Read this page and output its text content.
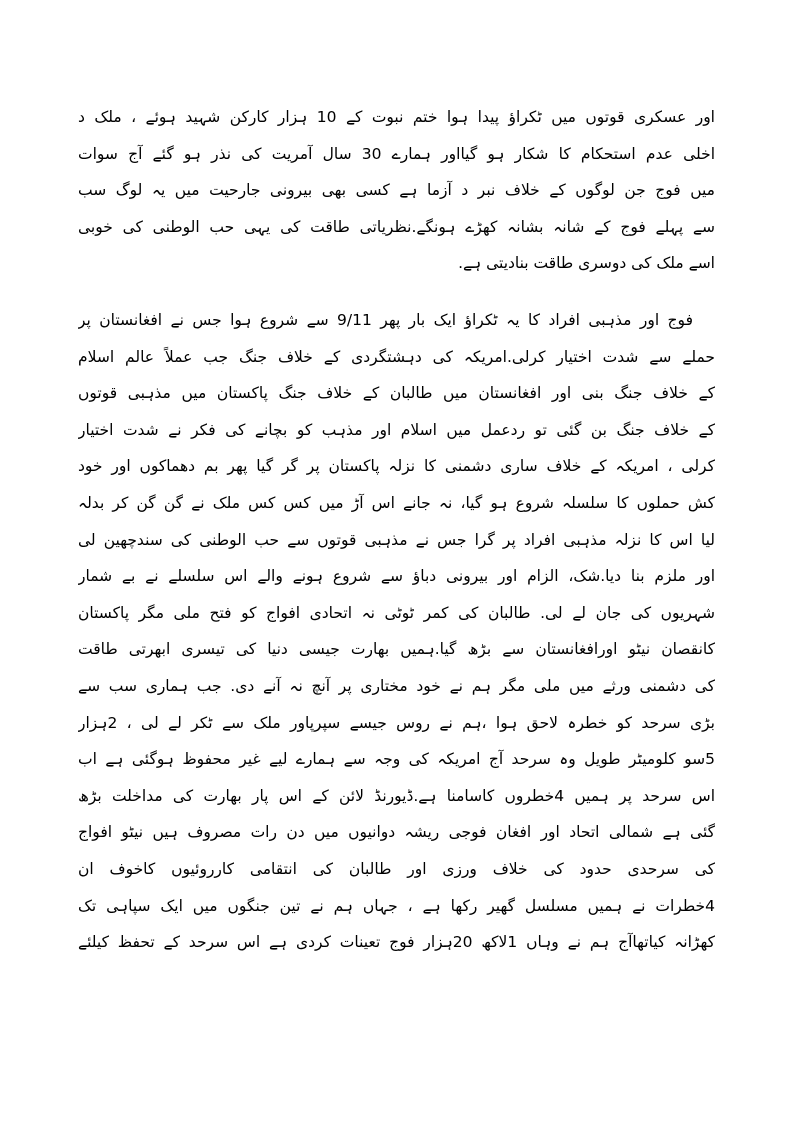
اور عسکری قوتوں میں ٹکراؤ پیدا ہوا ختم نبوت کے 10 ہزار کارکن شہید ہوئے ، ملک د
اخلی عدم استحکام کا شکار ہو گیااور ہمارے 30 سال آمریت کی نذر ہو گئے آج سوات
میں فوج جن لوگوں کے خلاف نبر د آزما ہے کسی بھی بیرونی جارحیت میں یہ لوگ سب
سے پہلے فوج کے شانہ بشانہ کھڑے ہونگے.نظریاتی طاقت کی یہی حب الوطنی کی خوبی
اسے ملک کی دوسری طاقت بنادیتی ہے.
فوج اور مذہبی افراد کا یہ ٹکراؤ ایک بار پھر 9/11 سے شروع ہوا جس نے افغانستان پر
حملے سے شدت اختیار کرلی.امریکہ کی دہشتگردی کے خلاف جنگ جب عملاً عالم اسلام
کے خلاف جنگ بنی اور افغانستان میں طالبان کے خلاف جنگ پاکستان میں مذہبی قوتوں
کے خلاف جنگ بن گئی تو ردعمل میں اسلام اور مذہب کو بچانے کی فکر نے شدت اختیار
کرلی ، امریکہ کے خلاف ساری دشمنی کا نزلہ پاکستان پر گر گیا پھر بم دھماکوں اور خود
کش حملوں کا سلسلہ شروع ہو گیا، نہ جانے اس آڑ میں کس کس ملک نے گن گن کر بدلہ
لیا اس کا نزلہ مذہبی افراد پر گرا جس نے مذہبی قوتوں سے حب الوطنی کی سندچھین لی
اور ملزم بنا دیا.شک، الزام اور بیرونی دباؤ سے شروع ہونے والے اس سلسلے نے بے شمار
شہریوں کی جان لے لی. طالبان کی کمر ٹوٹی نہ اتحادی افواج کو فتح ملی مگر پاکستان
کانقصان نیٹو اورافغانستان سے بڑھ گیا.ہمیں بھارت جیسی دنیا کی تیسری ابھرتی طاقت
کی دشمنی ورثے میں ملی مگر ہم نے خود مختاری پر آنچ نہ آنے دی. جب ہماری سب سے
بڑی سرحد کو خطرہ لاحق ہوا ،ہم نے روس جیسے سپرپاور ملک سے ٹکر لے لی ، 2ہزار
5سو کلومیٹر طویل وہ سرحد آج امریکہ کی وجہ سے ہمارے لیے غیر محفوظ ہوگئی ہے اب
اس سرحد پر ہمیں 4خطروں کاسامنا ہے.ڈیورنڈ لائن کے اس پار بھارت کی مداخلت بڑھ
گئی ہے شمالی اتحاد اور افغان فوجی ریشہ دوانیوں میں دن رات مصروف ہیں نیٹو افواج
کی سرحدی حدود کی خلاف ورزی اور طالبان کی انتقامی کارروئیوں کاخوف ان
4خطرات نے ہمیں مسلسل گھیر رکھا ہے ، جہاں ہم نے تین جنگوں میں ایک سپاہی تک
کھڑانہ کیاتھاآج ہم نے وہاں 1لاکھ 20ہزار فوج تعینات کردی ہے اس سرحد کے تحفظ کیلئے
